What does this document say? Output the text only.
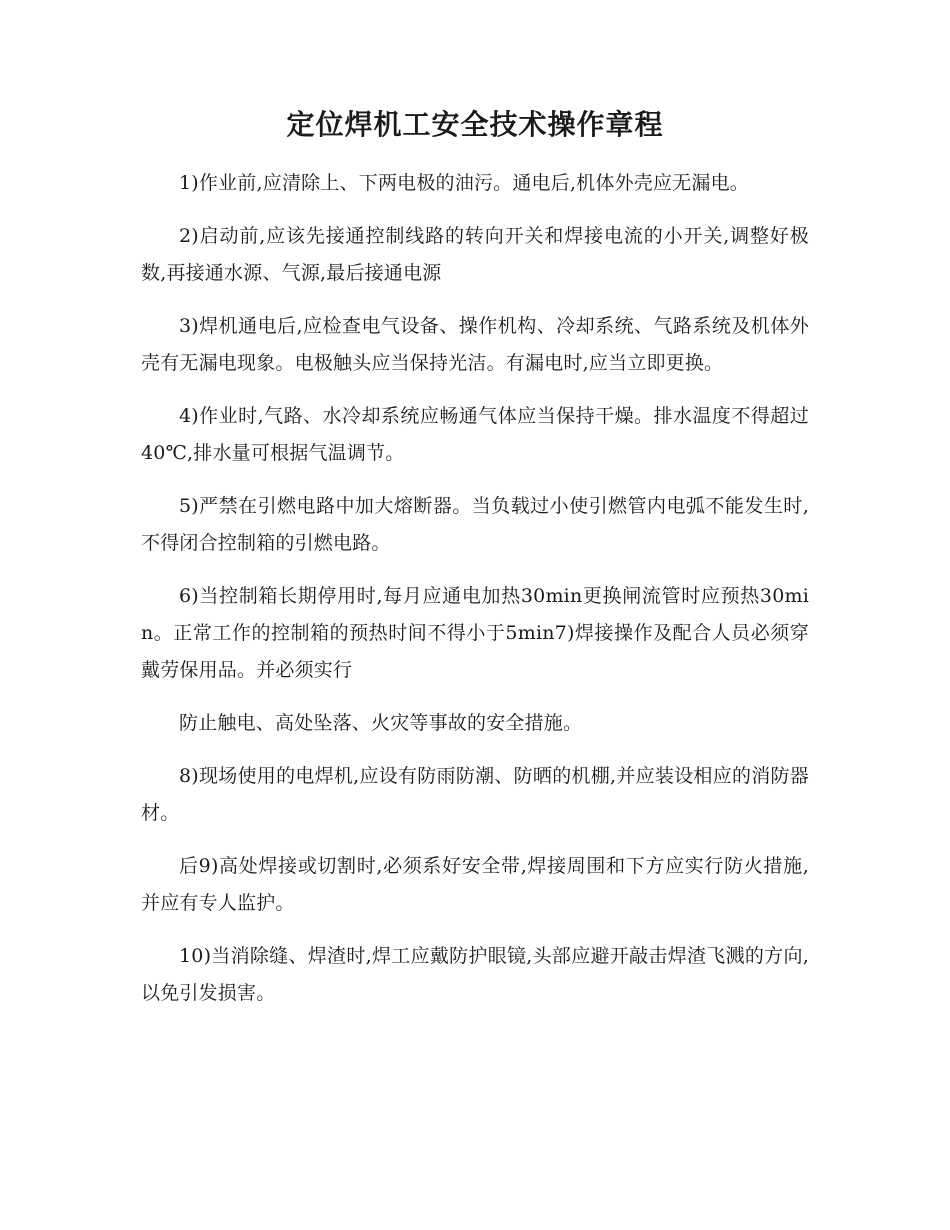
定位焊机工安全技术操作章程

1)作业前,应清除上、下两电极的油污。通电后,机体外壳应无漏电。

2)启动前,应该先接通控制线路的转向开关和焊接电流的小开关,调整好极数,再接通水源、气源,最后接通电源

3)焊机通电后,应检查电气设备、操作机构、冷却系统、气路系统及机体外壳有无漏电现象。电极触头应当保持光洁。有漏电时,应当立即更换。

4)作业时,气路、水冷却系统应畅通气体应当保持干燥。排水温度不得超过40℃,排水量可根据气温调节。

5)严禁在引燃电路中加大熔断器。当负载过小使引燃管内电弧不能发生时,不得闭合控制箱的引燃电路。

6)当控制箱长期停用时,每月应通电加热30min更换闸流管时应预热30min。正常工作的控制箱的预热时间不得小于5min7)焊接操作及配合人员必须穿戴劳保用品。并必须实行

防止触电、高处坠落、火灾等事故的安全措施。

8)现场使用的电焊机,应设有防雨防潮、防晒的机棚,并应装设相应的消防器材。

后9)高处焊接或切割时,必须系好安全带,焊接周围和下方应实行防火措施,并应有专人监护。

10)当消除缝、焊渣时,焊工应戴防护眼镜,头部应避开敲击焊渣飞溅的方向,以免引发损害。
